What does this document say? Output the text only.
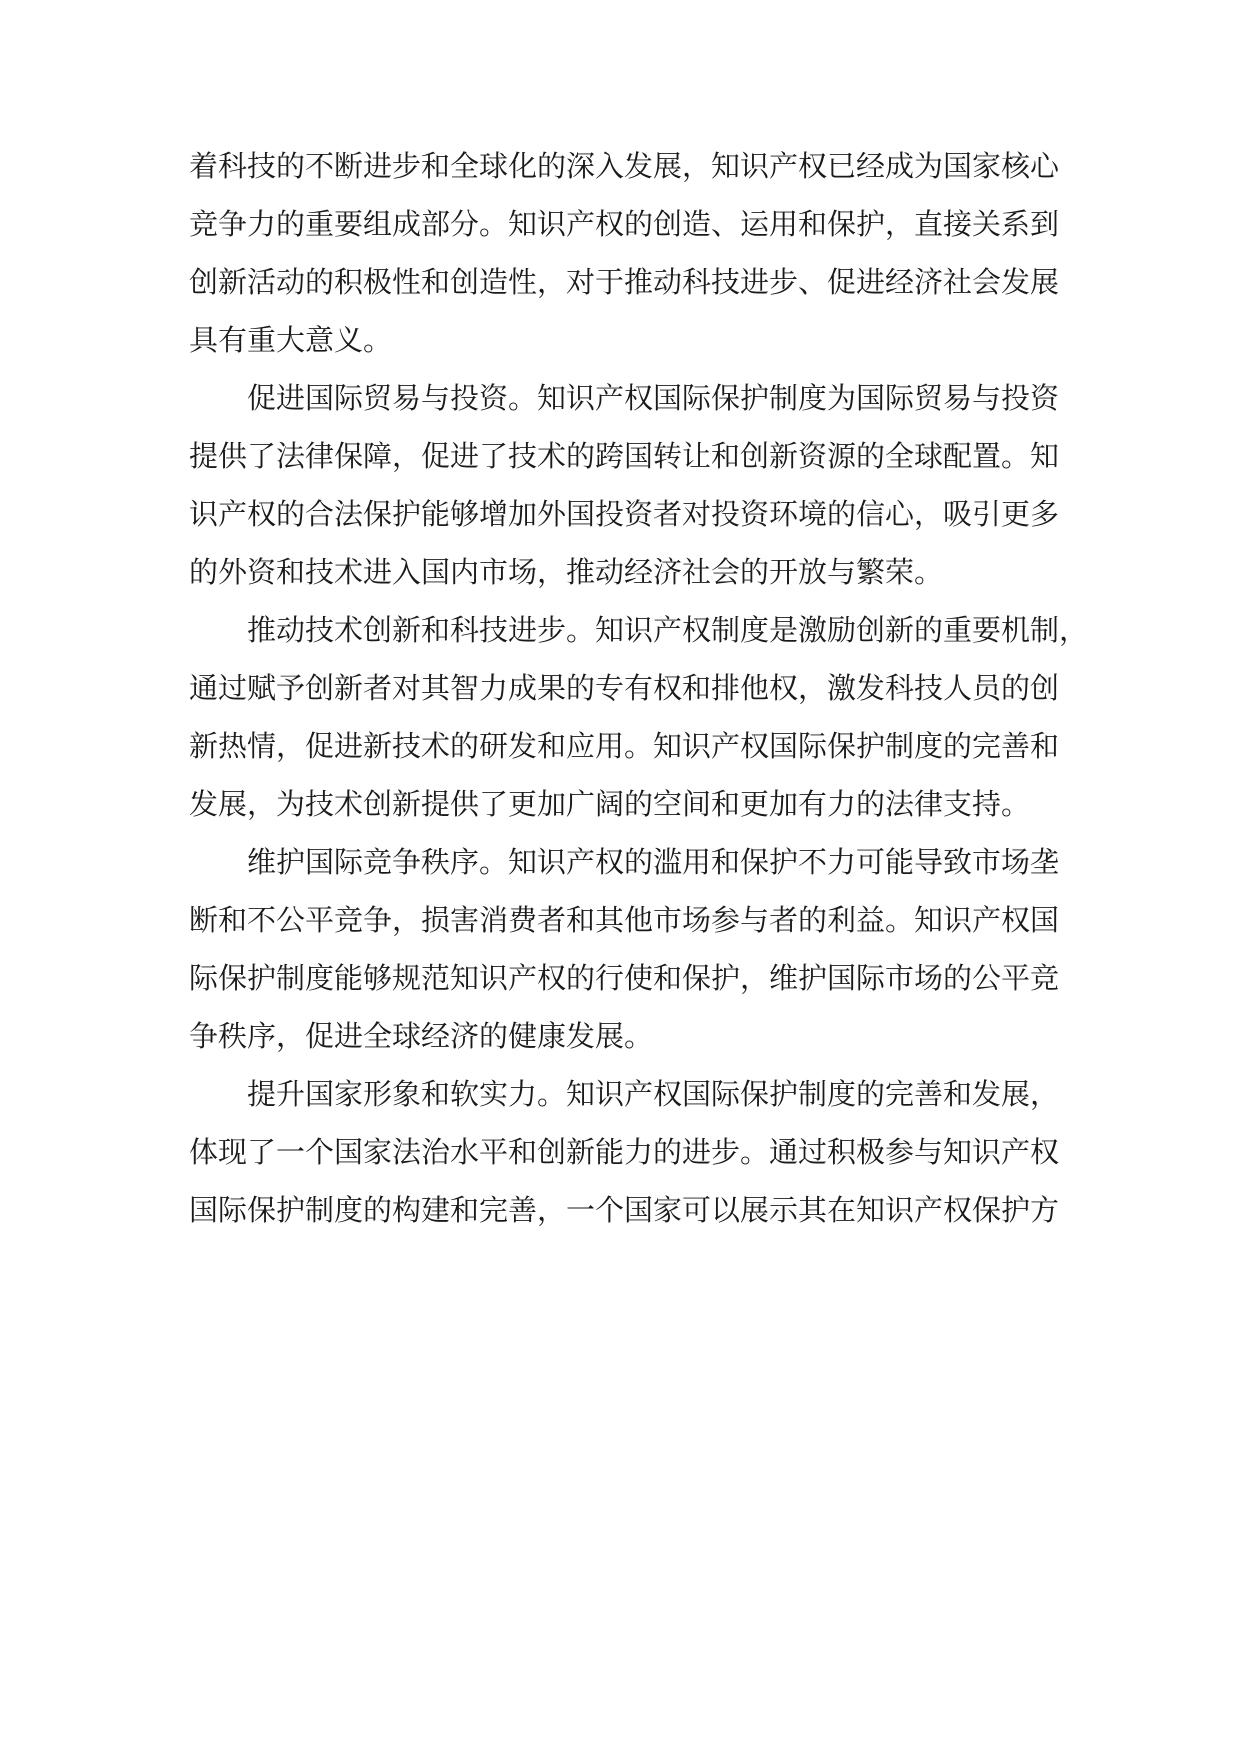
着科技的不断进步和全球化的深入发展，知识产权已经成为国家核心
竞争力的重要组成部分。知识产权的创造、运用和保护，直接关系到
创新活动的积极性和创造性，对于推动科技进步、促进经济社会发展
具有重大意义。
促进国际贸易与投资。知识产权国际保护制度为国际贸易与投资
提供了法律保障，促进了技术的跨国转让和创新资源的全球配置。知
识产权的合法保护能够增加外国投资者对投资环境的信心，吸引更多
的外资和技术进入国内市场，推动经济社会的开放与繁荣。
推动技术创新和科技进步。知识产权制度是激励创新的重要机制，
通过赋予创新者对其智力成果的专有权和排他权，激发科技人员的创
新热情，促进新技术的研发和应用。知识产权国际保护制度的完善和
发展，为技术创新提供了更加广阔的空间和更加有力的法律支持。
维护国际竞争秩序。知识产权的滥用和保护不力可能导致市场垄
断和不公平竞争，损害消费者和其他市场参与者的利益。知识产权国
际保护制度能够规范知识产权的行使和保护，维护国际市场的公平竞
争秩序，促进全球经济的健康发展。
提升国家形象和软实力。知识产权国际保护制度的完善和发展，
体现了一个国家法治水平和创新能力的进步。通过积极参与知识产权
国际保护制度的构建和完善，一个国家可以展示其在知识产权保护方
